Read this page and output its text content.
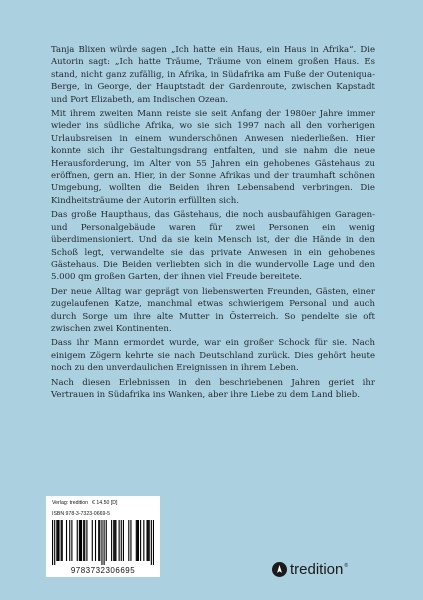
Tanja Blixen würde sagen „Ich hatte ein Haus, ein Haus in Afrika“. Die Autorin sagt: „Ich hatte Träume, Träume von einem großen Haus. Es stand, nicht ganz zufällig, in Afrika, in Südafrika am Fuße der Outeniqua-Berge, in George, der Hauptstadt der Gardenroute, zwischen Kapstadt und Port Elizabeth, am Indischen Ozean.

Mit ihrem zweiten Mann reiste sie seit Anfang der 1980er Jahre immer wieder ins südliche Afrika, wo sie sich 1997 nach all den vorherigen Urlaubsreisen in einem wunderschönen Anwesen niederließen. Hier konnte sich ihr Gestaltungsdrang entfalten, und sie nahm die neue Herausforderung, im Alter von 55 Jahren ein gehobenes Gästehaus zu eröffnen, gern an. Hier, in der Sonne Afrikas und der traumhaft schönen Umgebung, wollten die Beiden ihren Lebensabend verbringen. Die Kindheitsträume der Autorin erfüllten sich.

Das große Haupthaus, das Gästehaus, die noch ausbaufähigen Garagen- und Personalgebäude waren für zwei Personen ein wenig überdimensioniert. Und da sie kein Mensch ist, der die Hände in den Schoß legt, verwandelte sie das private Anwesen in ein gehobenes Gästehaus. Die Beiden verliebten sich in die wundervolle Lage und den 5.000 qm großen Garten, der ihnen viel Freude bereitete.

Der neue Alltag war geprägt von liebenswerten Freunden, Gästen, einer zugelaufenen Katze, manchmal etwas schwierigem Personal und auch durch Sorge um ihre alte Mutter in Österreich. So pendelte sie oft zwischen zwei Kontinenten.

Dass ihr Mann ermordet wurde, war ein großer Schock für sie. Nach einigem Zögern kehrte sie nach Deutschland zurück. Dies gehört heute noch zu den unverdaulichen Ereignissen in ihrem Leben.

Nach diesen Erlebnissen in den beschriebenen Jahren geriet ihr Vertrauen in Südafrika ins Wanken, aber ihre Liebe zu dem Land blieb.

Verlag: tredition € 14.50 [D]
ISBN 978-3-7323-0669-5
9783732306695	tredition ®
